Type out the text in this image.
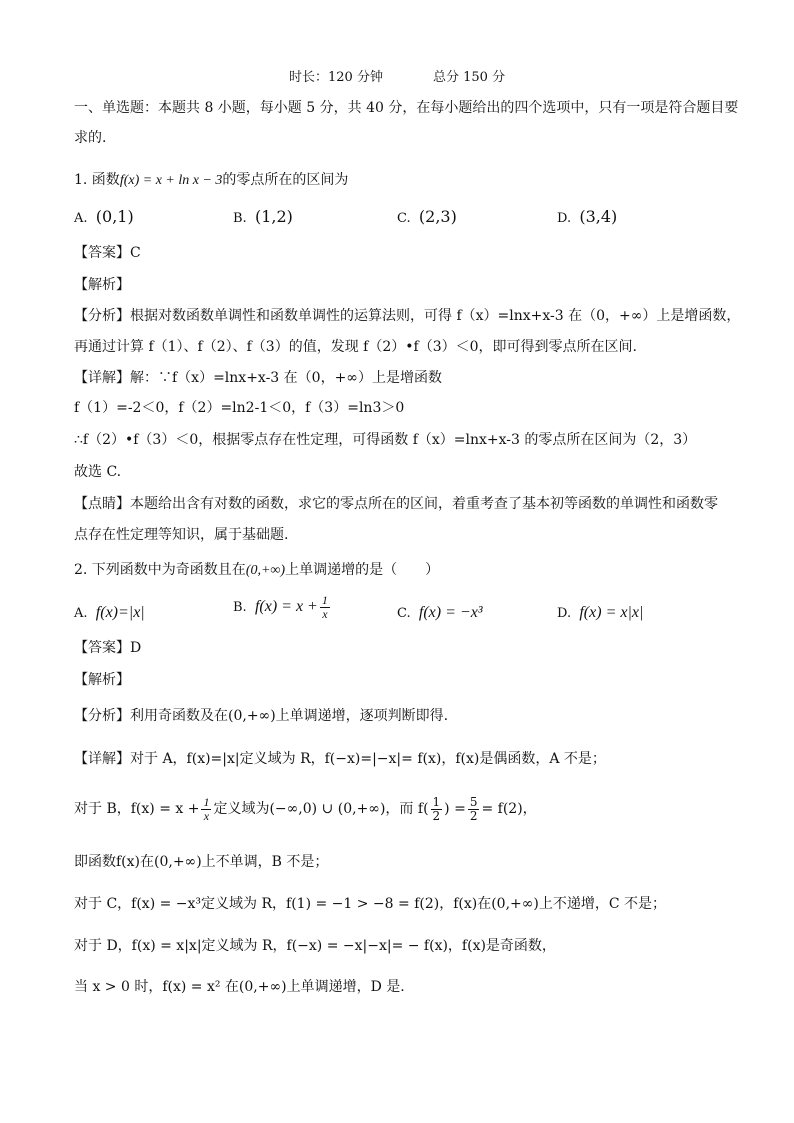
时长：120 分钟	总分 150 分
一、单选题：本题共 8 小题，每小题 5 分，共 40 分，在每小题给出的四个选项中，只有一项是符合题目要
求的.
1. 函数f(x) = x + ln x − 3的零点所在的区间为
A. (0,1)	B. (1,2)	C. (2,3)	D. (3,4)
【答案】C
【解析】
【分析】根据对数函数单调性和函数单调性的运算法则，可得 f（x）=lnx+x-3 在（0，+∞）上是增函数，
再通过计算 f（1）、f（2）、f（3）的值，发现 f（2）•f（3）＜0，即可得到零点所在区间.
【详解】解：∵f（x）=lnx+x-3 在（0，+∞）上是增函数
f（1）=-2＜0，f（2）=ln2-1＜0，f（3）=ln3＞0
∴f（2）•f（3）＜0，根据零点存在性定理，可得函数 f（x）=lnx+x-3 的零点所在区间为（2，3）
故选 C.
【点睛】本题给出含有对数的函数，求它的零点所在的区间，着重考查了基本初等函数的单调性和函数零
点存在性定理等知识，属于基础题.
2. 下列函数中为奇函数且在(0,+∞)上单调递增的是（　　）
A. f(x)=|x|	B. $f(x) = x + \frac{1}{x}$	C. f(x) = −x³	D. f(x) = x|x|
【答案】D
【解析】
【分析】利用奇函数及在(0,+∞)上单调递增，逐项判断即得.
【详解】对于 A，f(x)=|x|定义域为 R，f(−x)=|−x|= f(x)，f(x)是偶函数，A 不是；
对于 B，$f(x) = x + \frac{1}{x}$ 定义域为(−∞,0) ∪ (0,+∞)，而 $f( \frac{1}{2}$ ) = $\frac{5}{2} = f(2)$，
即函数f(x)在(0,+∞)上不单调，B 不是；
对于 C，f(x) = −x³定义域为 R，f(1) = −1 > −8 = f(2)，f(x)在(0,+∞)上不递增，C 不是；
对于 D，f(x) = x|x|定义域为 R，f(−x) = −x|−x|= − f(x)，f(x)是奇函数，
当 x > 0 时，f(x) = x² 在(0,+∞)上单调递增，D 是.
